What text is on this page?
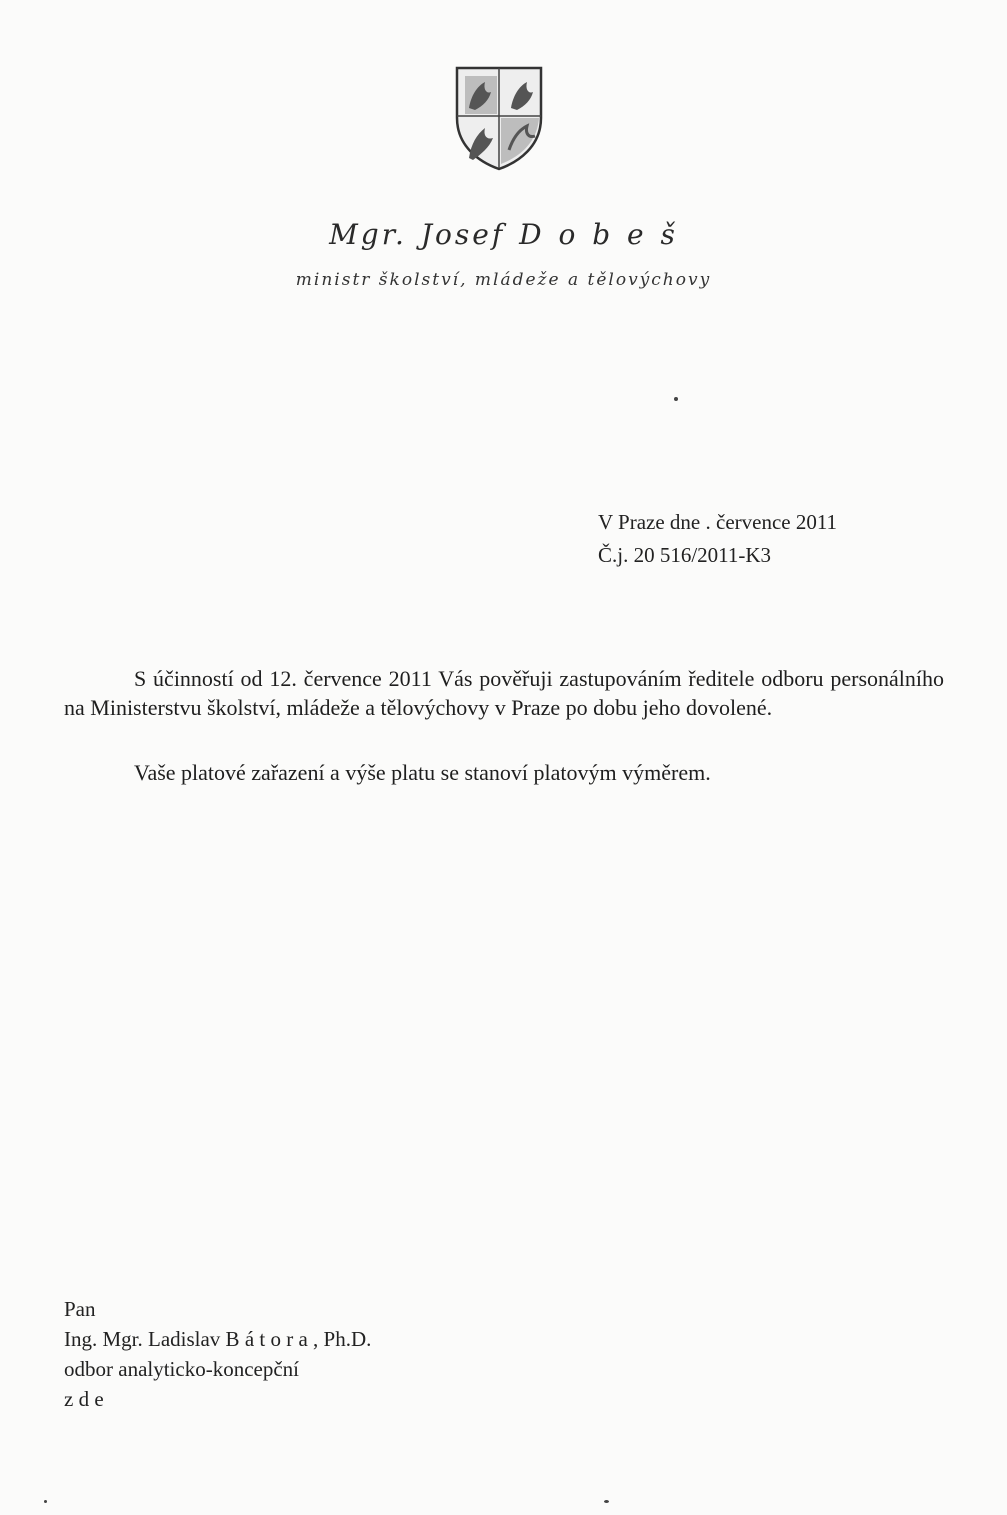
Mgr. Josef D o b e š
ministr školství, mládeže a tělovýchovy
V Praze dne . července 2011
Č.j. 20 516/2011-K3

S účinností od 12. července 2011 Vás pověřuji zastupováním ředitele odboru personálního na Ministerstvu školství, mládeže a tělovýchovy v Praze po dobu jeho dovolené.

Vaše platové zařazení a výše platu se stanoví platovým výměrem.

Pan
Ing. Mgr. Ladislav B á t o r a , Ph.D.
odbor analyticko-koncepční
z d e
